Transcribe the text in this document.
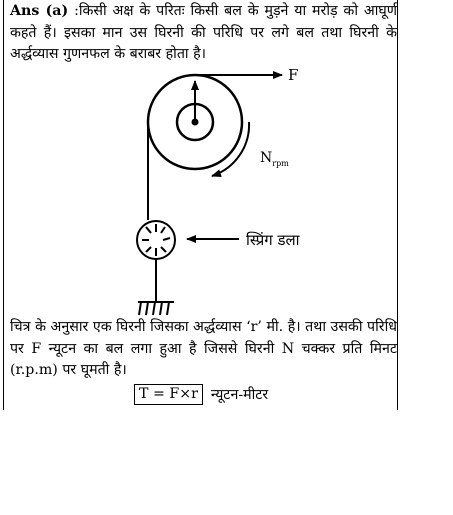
Ans (a) :किसी अक्ष के परितः किसी बल के मुड़ने या मरोड़ को आघूर्ण कहते हैं। इसका मान उस घिरनी की परिधि पर लगे बल तथा घिरनी के अर्द्धव्यास गुणनफल के बराबर होता है।

F
$N_{rpm}$
स्प्रिंग डला

चित्र के अनुसार एक घिरनी जिसका अर्द्धव्यास ‘r’ मी. है। तथा उसकी परिधि पर F न्यूटन का बल लगा हुआ है जिससे घिरनी N चक्कर प्रति मिनट (r.p.m) पर घूमती है।

T = F×r न्यूटन-मीटर
